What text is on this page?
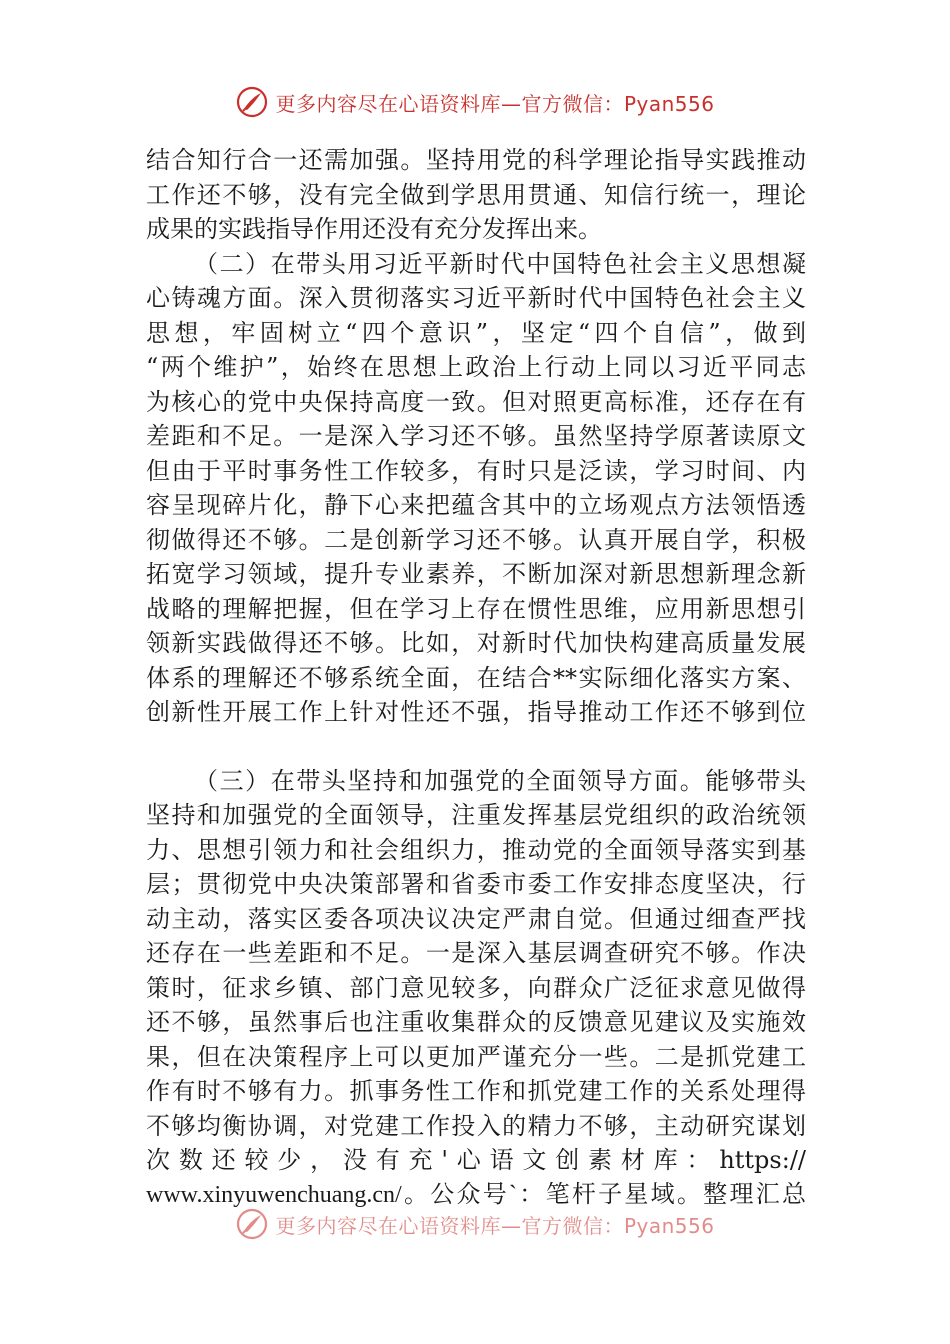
更多内容尽在心语资料库—官方微信：Pyan556

结合知行合一还需加强。坚持用党的科学理论指导实践推动

工作还不够，没有完全做到学思用贯通、知信行统一，理论

成果的实践指导作用还没有充分发挥出来。

（二）在带头用习近平新时代中国特色社会主义思想凝

心铸魂方面。深入贯彻落实习近平新时代中国特色社会主义

思想，牢固树立“四个意识”，坚定“四个自信”，做到

“两个维护”，始终在思想上政治上行动上同以习近平同志

为核心的党中央保持高度一致。但对照更高标准，还存在有

差距和不足。一是深入学习还不够。虽然坚持学原著读原文

但由于平时事务性工作较多，有时只是泛读，学习时间、内

容呈现碎片化，静下心来把蕴含其中的立场观点方法领悟透

彻做得还不够。二是创新学习还不够。认真开展自学，积极

拓宽学习领域，提升专业素养，不断加深对新思想新理念新

战略的理解把握，但在学习上存在惯性思维，应用新思想引

领新实践做得还不够。比如，对新时代加快构建高质量发展

体系的理解还不够系统全面，在结合**实际细化落实方案、

创新性开展工作上针对性还不强，指导推动工作还不够到位

（三）在带头坚持和加强党的全面领导方面。能够带头

坚持和加强党的全面领导，注重发挥基层党组织的政治统领

力、思想引领力和社会组织力，推动党的全面领导落实到基

层；贯彻党中央决策部署和省委市委工作安排态度坚决，行

动主动，落实区委各项决议决定严肃自觉。但通过细查严找

还存在一些差距和不足。一是深入基层调查研究不够。作决

策时，征求乡镇、部门意见较多，向群众广泛征求意见做得

还不够，虽然事后也注重收集群众的反馈意见建议及实施效

果，但在决策程序上可以更加严谨充分一些。二是抓党建工

作有时不够有力。抓事务性工作和抓党建工作的关系处理得

不够均衡协调，对党建工作投入的精力不够，主动研究谋划

次数还较少，没有充'心语文创素材库：https://

www.xinyuwenchuang.cn/。公众号`：笔杆子星域。整理汇总

更多内容尽在心语资料库—官方微信：Pyan556
